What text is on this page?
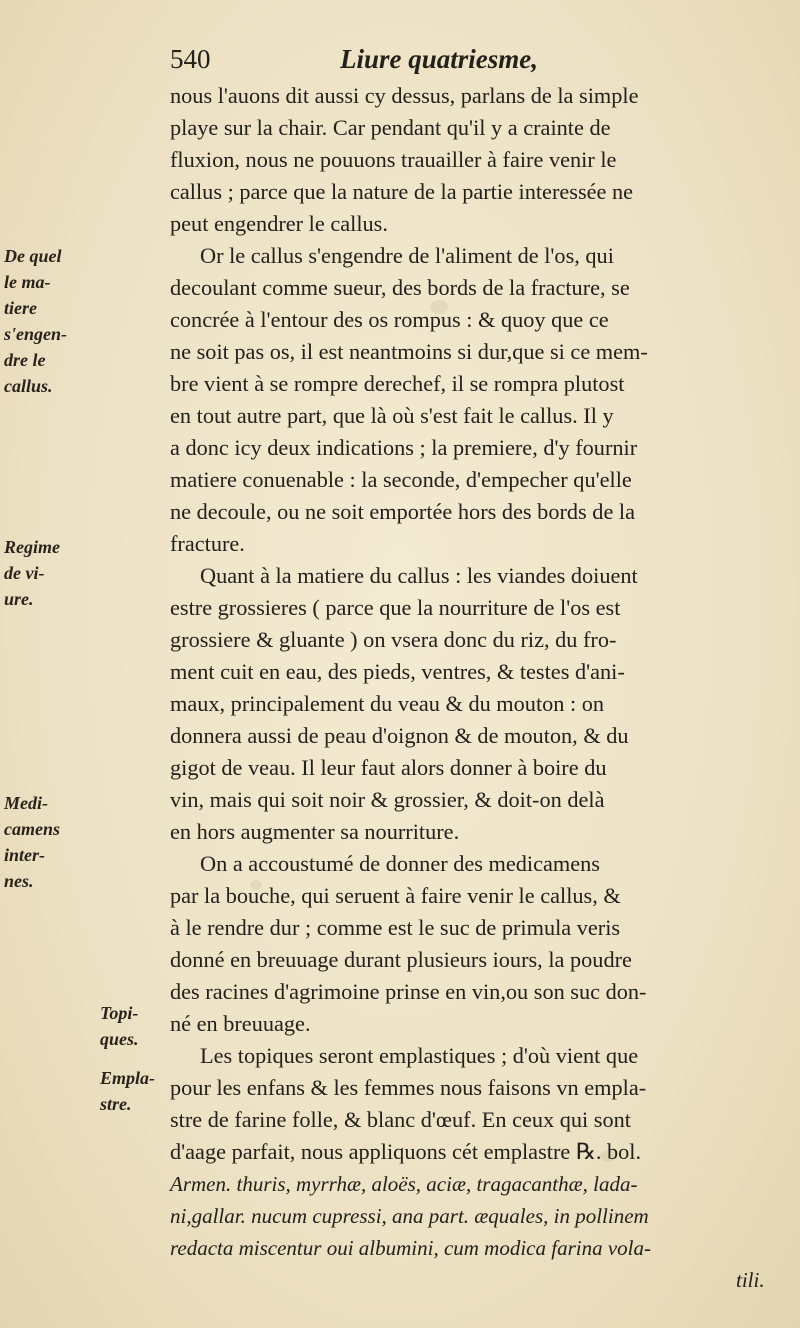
540	Liure quatriesme,
nous l'auons dit aussi cy dessus, parlans de la simple
playe sur la chair. Car pendant qu'il y a crainte de
fluxion, nous ne pouuons trauailler à faire venir le
callus ; parce que la nature de la partie interessée ne
peut engendrer le callus.
Or le callus s'engendre de l'aliment de l'os, qui
decoulant comme sueur, des bords de la fracture, se
concrée à l'entour des os rompus : & quoy que ce
ne soit pas os, il est neantmoins si dur,que si ce mem-
bre vient à se rompre derechef, il se rompra plutost
en tout autre part, que là où s'est fait le callus. Il y
a donc icy deux indications ; la premiere, d'y fournir
matiere conuenable : la seconde, d'empecher qu'elle
ne decoule, ou ne soit emportée hors des bords de la
fracture.
Quant à la matiere du callus : les viandes doiuent
estre grossieres ( parce que la nourriture de l'os est
grossiere & gluante ) on vsera donc du riz, du fro-
ment cuit en eau, des pieds, ventres, & testes d'ani-
maux, principalement du veau & du mouton : on
donnera aussi de peau d'oignon & de mouton, & du
gigot de veau. Il leur faut alors donner à boire du
vin, mais qui soit noir & grossier, & doit-on delà
en hors augmenter sa nourriture.
On a accoustumé de donner des medicamens
par la bouche, qui seruent à faire venir le callus, &
à le rendre dur ; comme est le suc de primula veris
donné en breuuage durant plusieurs iours, la poudre
des racines d'agrimoine prinse en vin,ou son suc don-
né en breuuage.
Les topiques seront emplastiques ; d'où vient que
pour les enfans & les femmes nous faisons vn empla-
stre de farine folle, & blanc d'œuf. En ceux qui sont
d'aage parfait, nous appliquons cét emplastre ℞. bol.
Armen. thuris, myrrhæ, aloës, aciæ, tragacanthæ, lada-
ni,gallar. nucum cupressi, ana part. æquales, in pollinem
redacta miscentur oui albumini, cum modica farina vola-
tili.
De quel
le ma-
tiere
s'engen-
dre le
callus.
Regime
de vi-
ure.
Medi-
camens
inter-
nes.
Topi-
ques.
Empla-
stre.
